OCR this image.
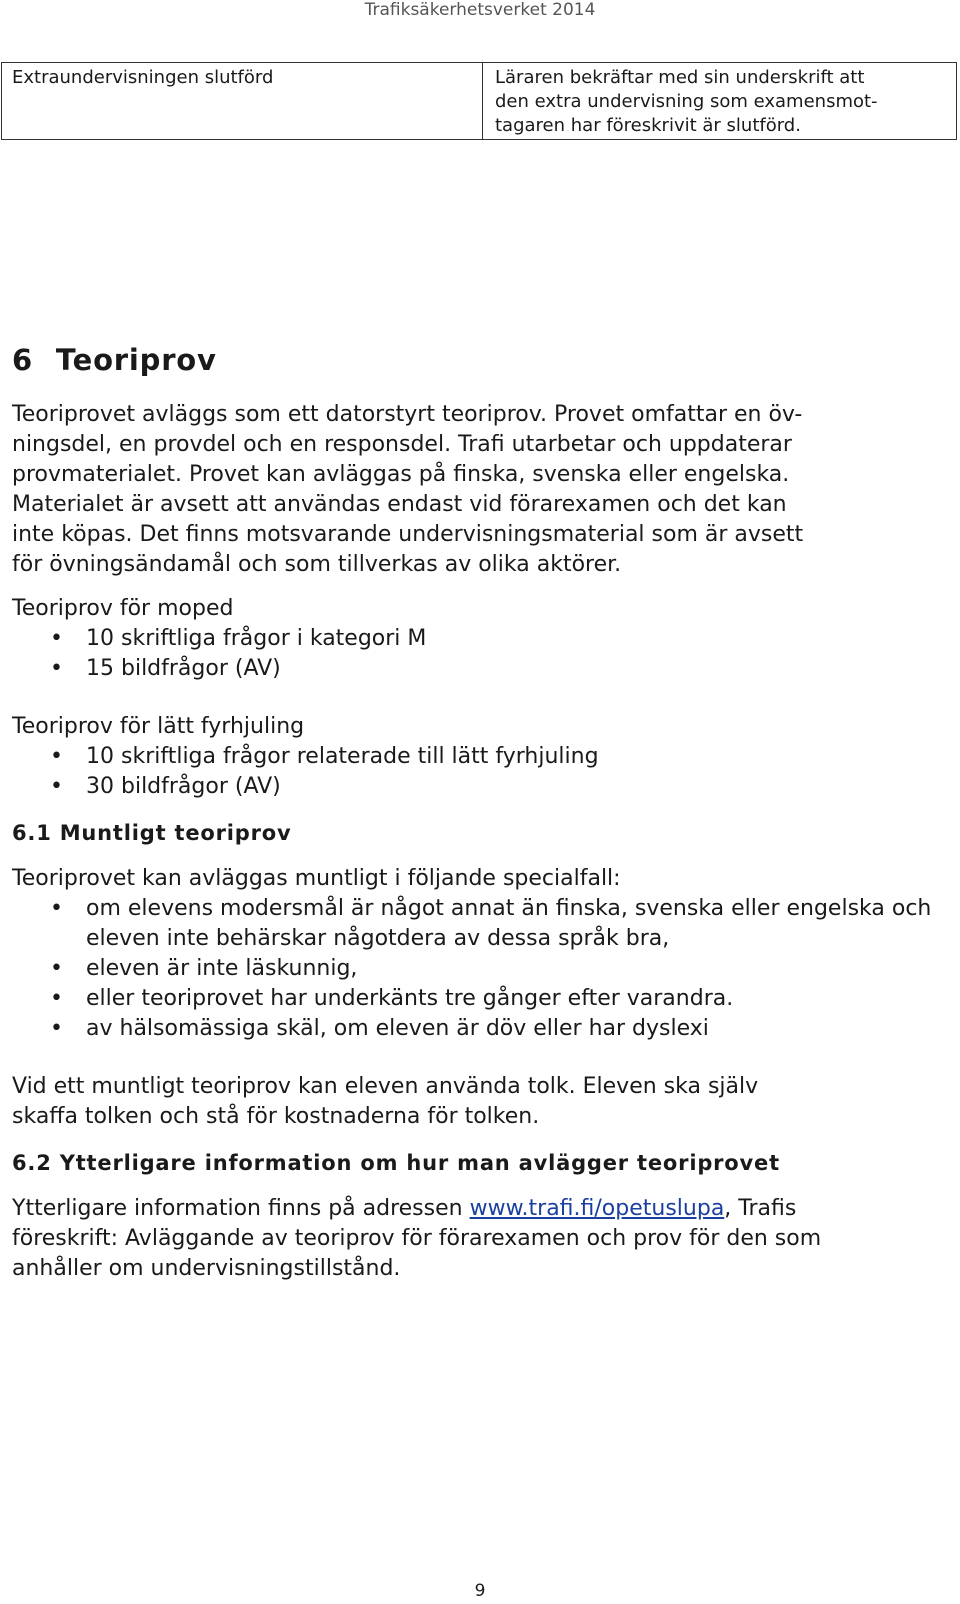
Trafiksäkerhetsverket 2014
Extraundervisningen slutförd	Läraren bekräftar med sin underskrift att
den extra undervisning som examensmot-
tagaren har föreskrivit är slutförd.
6 Teoriprov

Teoriprovet avläggs som ett datorstyrt teoriprov. Provet omfattar en öv-
ningsdel, en provdel och en responsdel. Trafi utarbetar och uppdaterar
provmaterialet. Provet kan avläggas på finska, svenska eller engelska.
Materialet är avsett att användas endast vid förarexamen och det kan
inte köpas. Det finns motsvarande undervisningsmaterial som är avsett
för övningsändamål och som tillverkas av olika aktörer.

Teoriprov för moped

• 10 skriftliga frågor i kategori M
• 15 bildfrågor (AV)

Teoriprov för lätt fyrhjuling

• 10 skriftliga frågor relaterade till lätt fyrhjuling
• 30 bildfrågor (AV)
6.1 Muntligt teoriprov

Teoriprovet kan avläggas muntligt i följande specialfall:

• om elevens modersmål är något annat än finska, svenska eller engelska och eleven inte behärskar någotdera av dessa språk bra,
• eleven är inte läskunnig,
• eller teoriprovet har underkänts tre gånger efter varandra.
• av hälsomässiga skäl, om eleven är döv eller har dyslexi

Vid ett muntligt teoriprov kan eleven använda tolk. Eleven ska själv
skaffa tolken och stå för kostnaderna för tolken.

6.2 Ytterligare information om hur man avlägger teoriprovet

Ytterligare information finns på adressen www.trafi.fi/opetuslupa, Trafis
föreskrift: Avläggande av teoriprov för förarexamen och prov för den som
anhåller om undervisningstillstånd.

9
